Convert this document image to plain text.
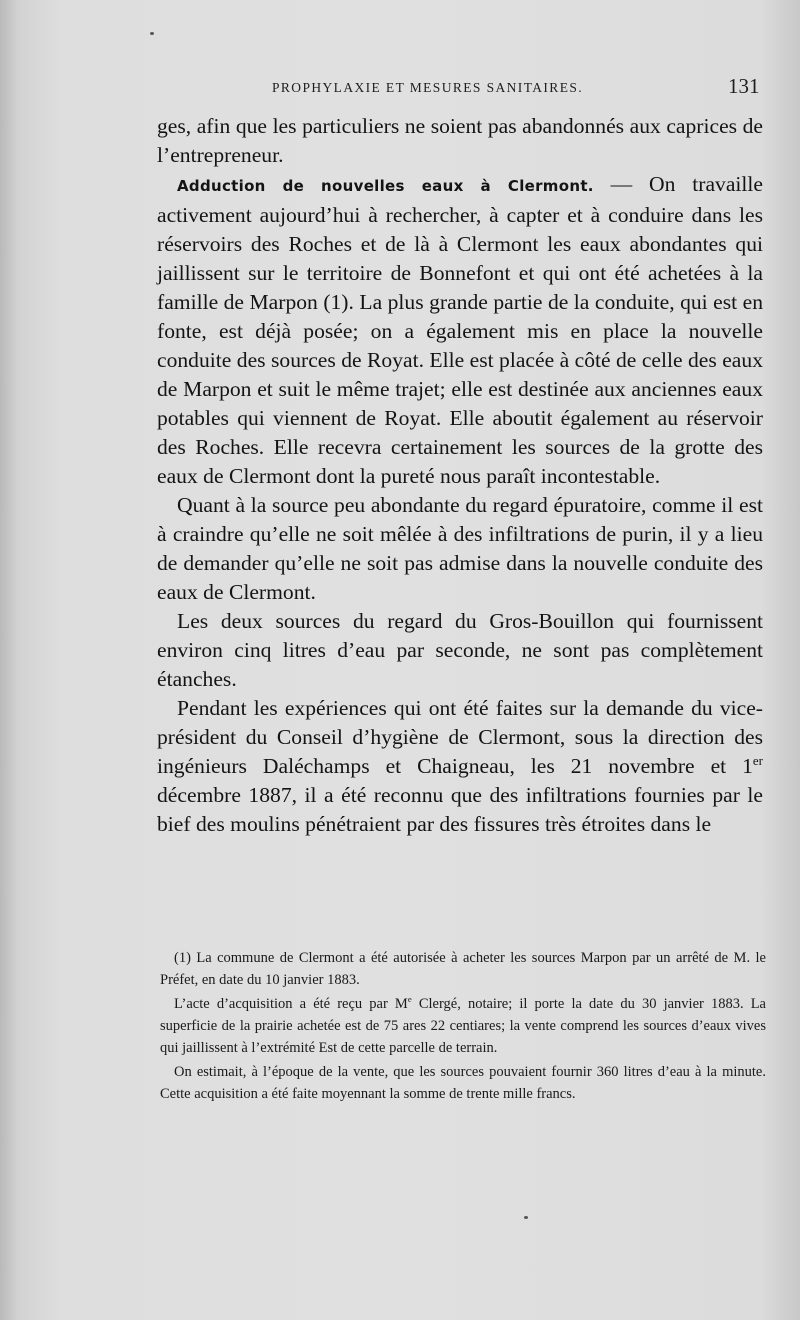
PROPHYLAXIE ET MESURES SANITAIRES.	131

ges, afin que les particuliers ne soient pas abandonnés aux caprices de l’entrepreneur.

Adduction de nouvelles eaux à Clermont. — On travaille activement aujourd’hui à rechercher, à capter et à conduire dans les réservoirs des Roches et de là à Clermont les eaux abondantes qui jaillissent sur le territoire de Bonnefont et qui ont été achetées à la famille de Marpon (1). La plus grande partie de la conduite, qui est en fonte, est déjà posée; on a également mis en place la nouvelle conduite des sources de Royat. Elle est placée à côté de celle des eaux de Marpon et suit le même trajet; elle est destinée aux anciennes eaux potables qui viennent de Royat. Elle aboutit également au réservoir des Roches. Elle recevra certainement les sources de la grotte des eaux de Clermont dont la pureté nous paraît incontestable.

Quant à la source peu abondante du regard épuratoire, comme il est à craindre qu’elle ne soit mêlée à des infiltrations de purin, il y a lieu de demander qu’elle ne soit pas admise dans la nouvelle conduite des eaux de Clermont.

Les deux sources du regard du Gros-Bouillon qui fournissent environ cinq litres d’eau par seconde, ne sont pas complètement étanches.

Pendant les expériences qui ont été faites sur la demande du vice-président du Conseil d’hygiène de Clermont, sous la direction des ingénieurs Daléchamps et Chaigneau, les 21 novembre et 1er décembre 1887, il a été reconnu que des infiltrations fournies par le bief des moulins pénétraient par des fissures très étroites dans le

(1) La commune de Clermont a été autorisée à acheter les sources Marpon par un arrêté de M. le Préfet, en date du 10 janvier 1883.

L’acte d’acquisition a été reçu par Me Clergé, notaire; il porte la date du 30 janvier 1883. La superficie de la prairie achetée est de 75 ares 22 centiares; la vente comprend les sources d’eaux vives qui jaillissent à l’extrémité Est de cette parcelle de terrain.

On estimait, à l’époque de la vente, que les sources pouvaient fournir 360 litres d’eau à la minute. Cette acquisition a été faite moyennant la somme de trente mille francs.
